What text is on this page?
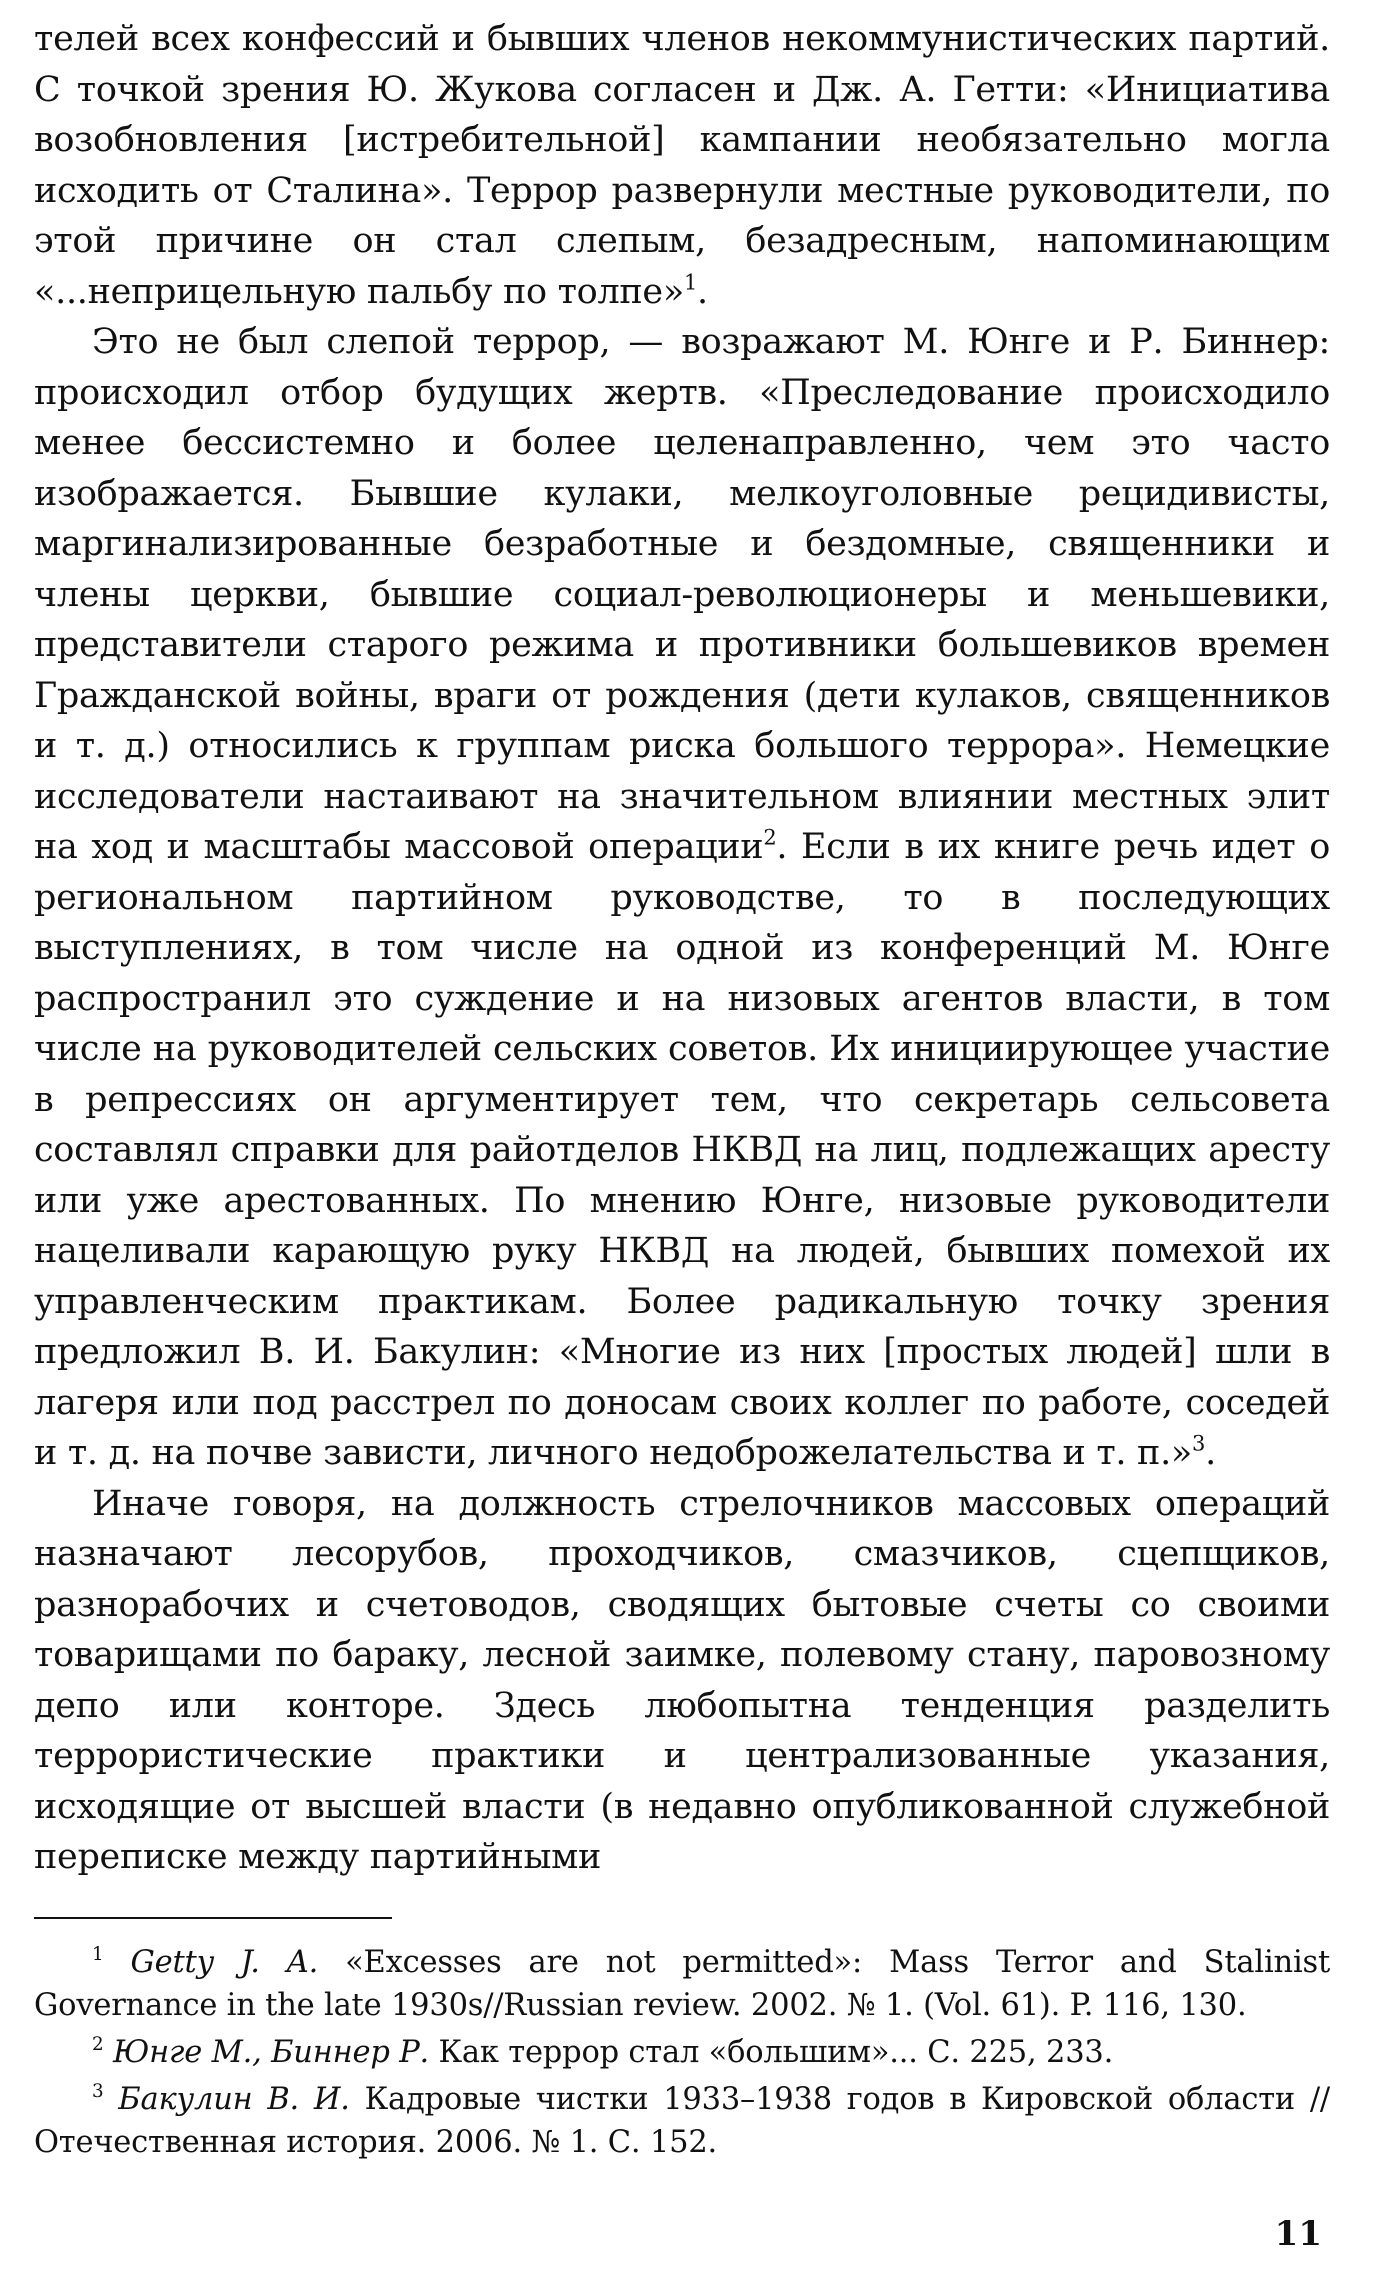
телей всех конфессий и бывших членов некоммунистических партий. С точкой зрения Ю. Жукова согласен и Дж. А. Гетти: «Инициатива возобновления [истребительной] кампании необязательно могла исходить от Сталина». Террор развернули местные руководители, по этой причине он стал слепым, безадресным, напоминающим «...неприцельную пальбу по толпе»$^1$.

Это не был слепой террор, — возражают М. Юнге и Р. Биннер: происходил отбор будущих жертв. «Преследование происходило менее бессистемно и более целенаправленно, чем это часто изображается. Бывшие кулаки, мелкоуголовные рецидивисты, маргинализированные безработные и бездомные, священники и члены церкви, бывшие социал-революционеры и меньшевики, представители старого режима и противники большевиков времен Гражданской войны, враги от рождения (дети кулаков, священников и т. д.) относились к группам риска большого террора». Немецкие исследователи настаивают на значительном влиянии местных элит на ход и масштабы массовой операции$^2$. Если в их книге речь идет о региональном партийном руководстве, то в последующих выступлениях, в том числе на одной из конференций М. Юнге распространил это суждение и на низовых агентов власти, в том числе на руководителей сельских советов. Их инициирующее участие в репрессиях он аргументирует тем, что секретарь сельсовета составлял справки для райотделов НКВД на лиц, подлежащих аресту или уже арестованных. По мнению Юнге, низовые руководители нацеливали карающую руку НКВД на людей, бывших помехой их управленческим практикам. Более радикальную точку зрения предложил В. И. Бакулин: «Многие из них [простых людей] шли в лагеря или под расстрел по доносам своих коллег по работе, соседей и т. д. на почве зависти, личного недоброжелательства и т. п.»$^3$.

Иначе говоря, на должность стрелочников массовых операций назначают лесорубов, проходчиков, смазчиков, сцепщиков, разнорабочих и счетоводов, сводящих бытовые счеты со своими товарищами по бараку, лесной заимке, полевому стану, паровозному депо или конторе. Здесь любопытна тенденция разделить террористические практики и централизованные указания, исходящие от высшей власти (в недавно опубликованной служебной переписке между партийными

$^1$ Getty J. A. «Excesses are not permitted»: Mass Terror and Stalinist Governance in the late 1930s//Russian review. 2002. № 1. (Vol. 61). P. 116, 130.

$^2$ Юнге М., Биннер Р. Как террор стал «большим»... С. 225, 233.

$^3$ Бакулин В. И. Кадровые чистки 1933–1938 годов в Кировской области // Отечественная история. 2006. № 1. С. 152.

11
